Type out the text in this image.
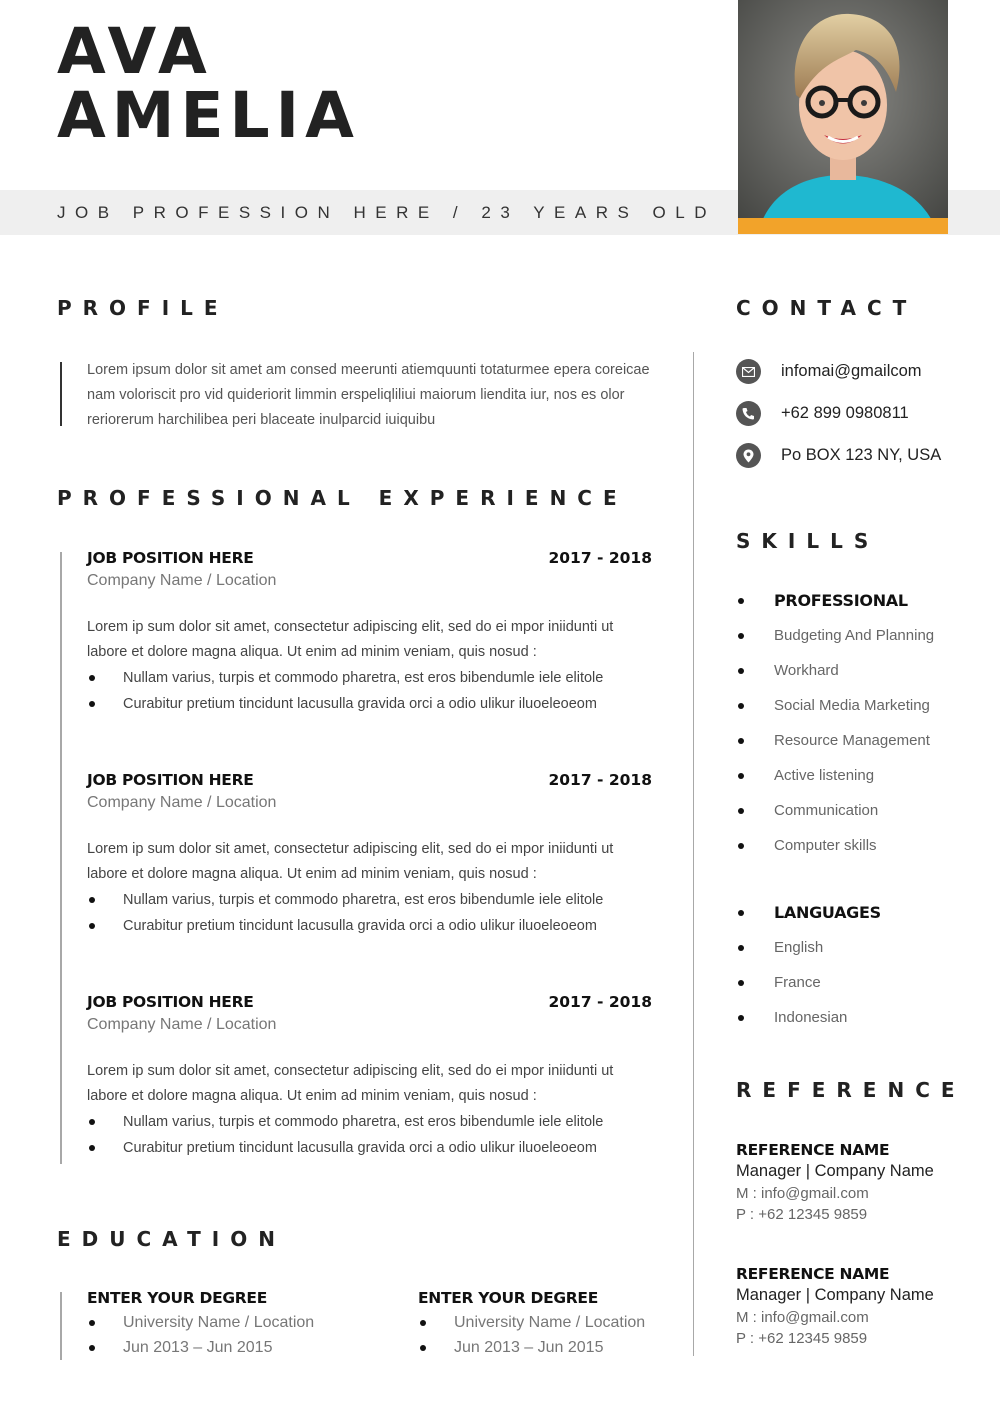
AVA
AMELIA
JOB PROFESSION HERE / 23 YEARS OLD
PROFILE
Lorem ipsum dolor sit amet am consed meerunti atiemquunti totaturmee epera coreicae nam voloriscit pro vid quideriorit limmin erspeliqliliui maiorum liendita iur, nos es olor reriorerum harchilibea peri blaceate inulparcid iuiquibu
PROFESSIONAL EXPERIENCE
JOB POSITION HERE	2017 - 2018
Company Name / Location
Lorem ip sum dolor sit amet, consectetur adipiscing elit, sed do ei mpor iniidunti ut labore et dolore magna aliqua. Ut enim ad minim veniam, quis nosud :
Nullam varius, turpis et commodo pharetra, est eros bibendumle iele elitole
Curabitur pretium tincidunt lacusulla gravida orci a odio ulikur iluoeleoeom
JOB POSITION HERE	2017 - 2018
Company Name / Location
Lorem ip sum dolor sit amet, consectetur adipiscing elit, sed do ei mpor iniidunti ut labore et dolore magna aliqua. Ut enim ad minim veniam, quis nosud :
Nullam varius, turpis et commodo pharetra, est eros bibendumle iele elitole
Curabitur pretium tincidunt lacusulla gravida orci a odio ulikur iluoeleoeom
JOB POSITION HERE	2017 - 2018
Company Name / Location
Lorem ip sum dolor sit amet, consectetur adipiscing elit, sed do ei mpor iniidunti ut labore et dolore magna aliqua. Ut enim ad minim veniam, quis nosud :
Nullam varius, turpis et commodo pharetra, est eros bibendumle iele elitole
Curabitur pretium tincidunt lacusulla gravida orci a odio ulikur iluoeleoeom
EDUCATION
ENTER YOUR DEGREE
University Name / Location
Jun 2013 – Jun 2015
ENTER YOUR DEGREE
University Name / Location
Jun 2013 – Jun 2015
CONTACT
infomai@gmailcom
+62 899 0980811
Po BOX 123 NY, USA
SKILLS
PROFESSIONAL
Budgeting And Planning
Workhard
Social Media Marketing
Resource Management
Active listening
Communication
Computer skills
LANGUAGES
English
France
Indonesian
REFERENCE
REFERENCE NAME
Manager | Company Name
M : info@gmail.com
P : +62 12345 9859
REFERENCE NAME
Manager | Company Name
M : info@gmail.com
P : +62 12345 9859
